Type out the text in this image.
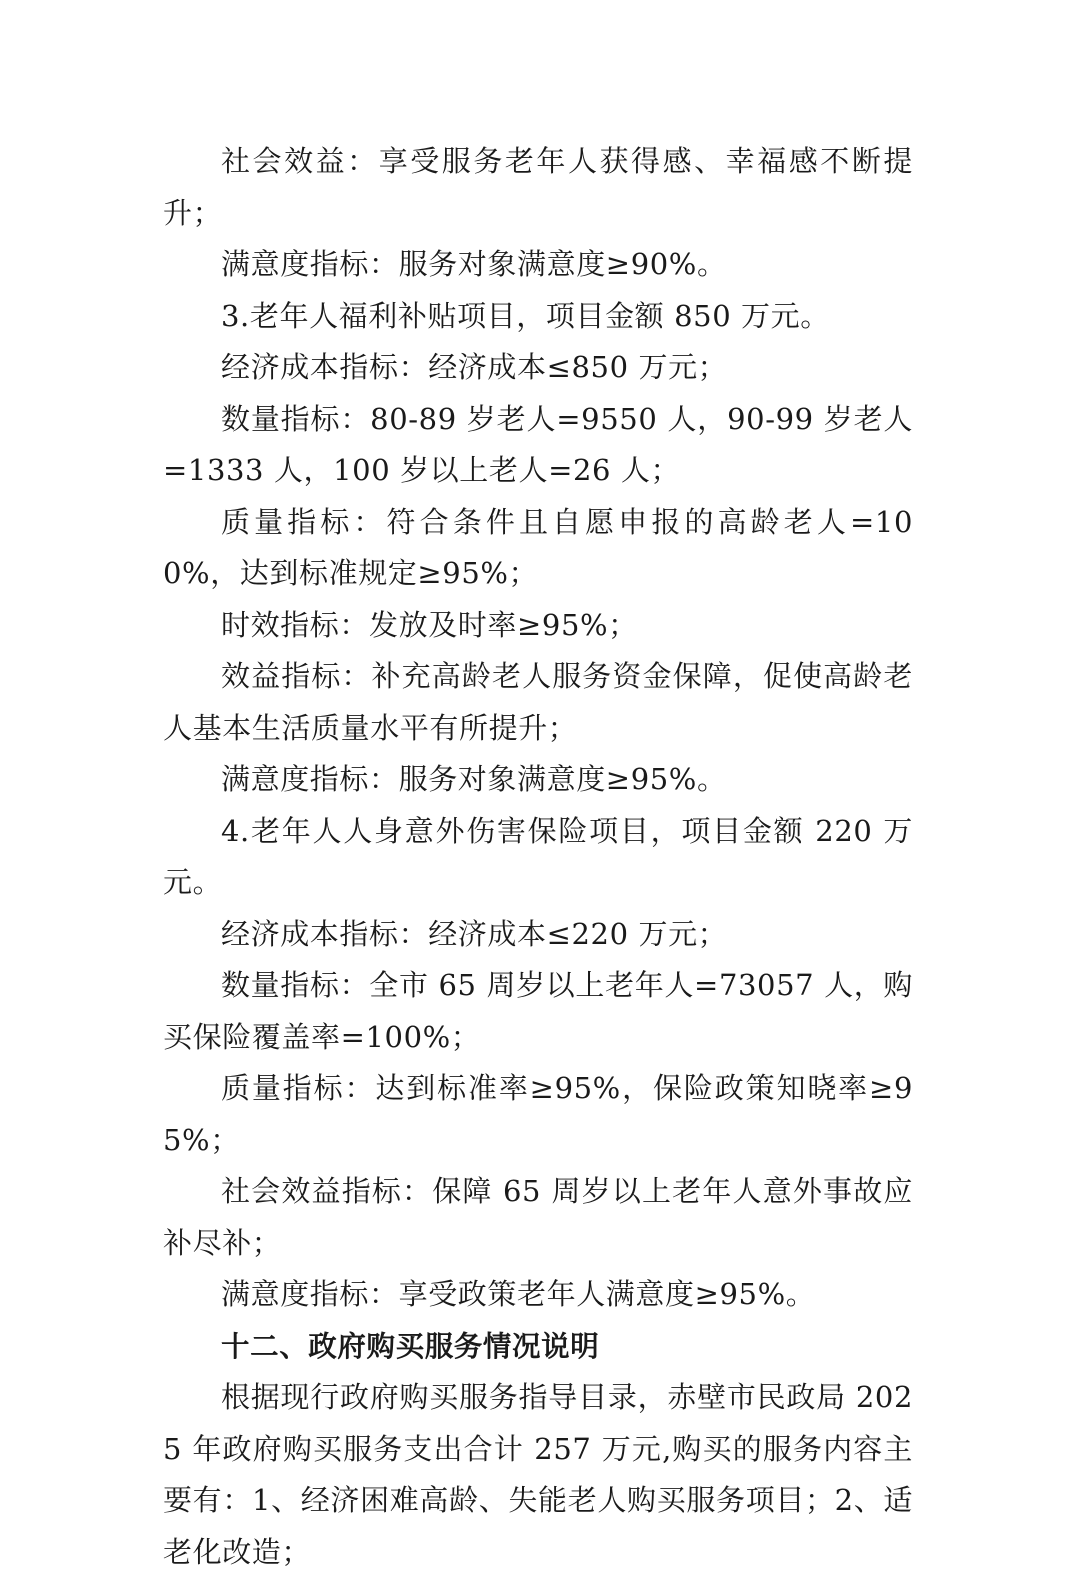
社会效益：享受服务老年人获得感、幸福感不断提升；

满意度指标：服务对象满意度≥90%。

3.老年人福利补贴项目，项目金额 850 万元。

经济成本指标：经济成本≤850 万元；

数量指标：80-89 岁老人=9550 人，90-99 岁老人=1333 人，100 岁以上老人=26 人；

质量指标：符合条件且自愿申报的高龄老人=100%，达到标准规定≥95%；

时效指标：发放及时率≥95%；

效益指标：补充高龄老人服务资金保障，促使高龄老人基本生活质量水平有所提升；

满意度指标：服务对象满意度≥95%。

4.老年人人身意外伤害保险项目，项目金额 220 万元。

经济成本指标：经济成本≤220 万元；

数量指标：全市 65 周岁以上老年人=73057 人，购买保险覆盖率=100%；

质量指标：达到标准率≥95%，保险政策知晓率≥95%；

社会效益指标：保障 65 周岁以上老年人意外事故应补尽补；

满意度指标：享受政策老年人满意度≥95%。

十二、政府购买服务情况说明

根据现行政府购买服务指导目录，赤壁市民政局 2025 年政府购买服务支出合计 257 万元,购买的服务内容主要有：1、经济困难高龄、失能老人购买服务项目；2、适老化改造；
